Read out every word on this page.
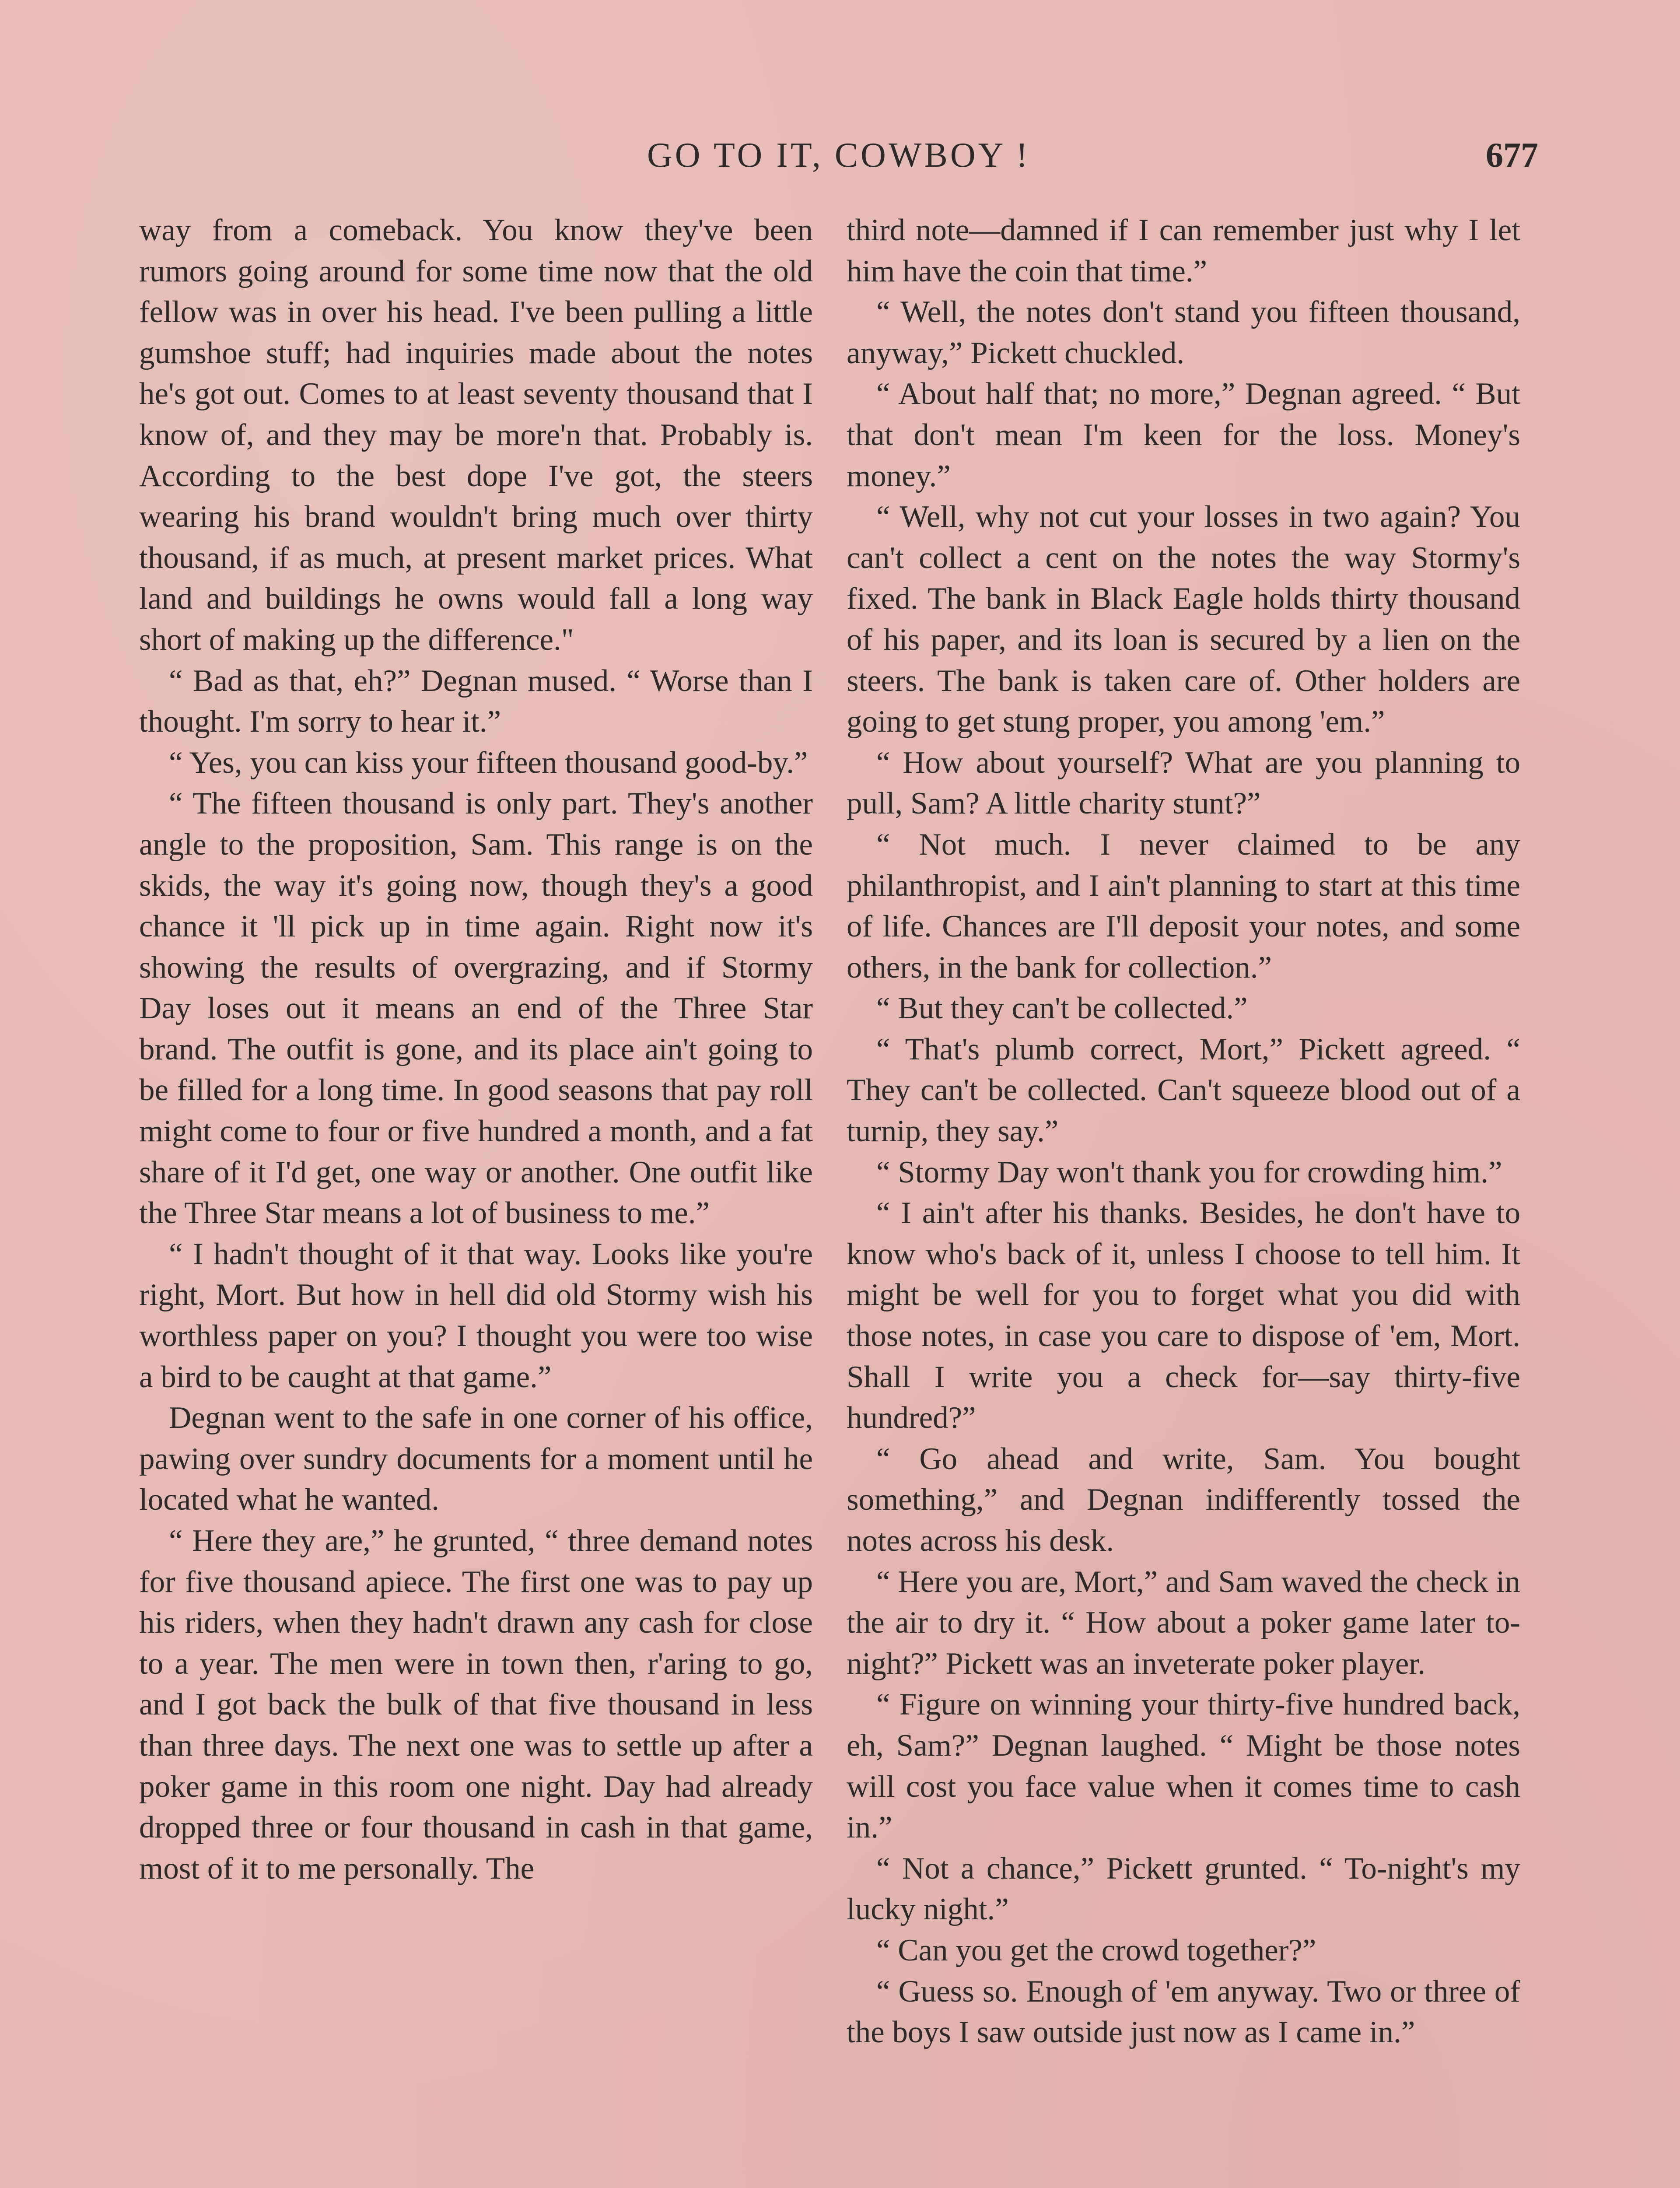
GO TO IT, COWBOY !	677

way from a comeback. You know they've been rumors going around for some time now that the old fellow was in over his head. I've been pulling a little gumshoe stuff; had inquiries made about the notes he's got out. Comes to at least seventy thousand that I know of, and they may be more'n that. Probably is. According to the best dope I've got, the steers wearing his brand wouldn't bring much over thirty thousand, if as much, at present market prices. What land and buildings he owns would fall a long way short of making up the difference."

“ Bad as that, eh?” Degnan mused. “ Worse than I thought. I'm sorry to hear it.”

“ Yes, you can kiss your fifteen thousand good-by.”

“ The fifteen thousand is only part. They's another angle to the proposition, Sam. This range is on the skids, the way it's going now, though they's a good chance it 'll pick up in time again. Right now it's showing the results of overgrazing, and if Stormy Day loses out it means an end of the Three Star brand. The outfit is gone, and its place ain't going to be filled for a long time. In good seasons that pay roll might come to four or five hundred a month, and a fat share of it I'd get, one way or another. One outfit like the Three Star means a lot of business to me.”

“ I hadn't thought of it that way. Looks like you're right, Mort. But how in hell did old Stormy wish his worthless paper on you? I thought you were too wise a bird to be caught at that game.”

Degnan went to the safe in one corner of his office, pawing over sundry documents for a moment until he located what he wanted.

“ Here they are,” he grunted, “ three demand notes for five thousand apiece. The first one was to pay up his riders, when they hadn't drawn any cash for close to a year. The men were in town then, r'aring to go, and I got back the bulk of that five thousand in less than three days. The next one was to settle up after a poker game in this room one night. Day had already dropped three or four thousand in cash in that game, most of it to me personally. The

third note—damned if I can remember just why I let him have the coin that time.”

“ Well, the notes don't stand you fifteen thousand, anyway,” Pickett chuckled.

“ About half that; no more,” Degnan agreed. “ But that don't mean I'm keen for the loss. Money's money.”

“ Well, why not cut your losses in two again? You can't collect a cent on the notes the way Stormy's fixed. The bank in Black Eagle holds thirty thousand of his paper, and its loan is secured by a lien on the steers. The bank is taken care of. Other holders are going to get stung proper, you among 'em.”

“ How about yourself? What are you planning to pull, Sam? A little charity stunt?”

“ Not much. I never claimed to be any philanthropist, and I ain't planning to start at this time of life. Chances are I'll deposit your notes, and some others, in the bank for collection.”

“ But they can't be collected.”

“ That's plumb correct, Mort,” Pickett agreed. “ They can't be collected. Can't squeeze blood out of a turnip, they say.”

“ Stormy Day won't thank you for crowding him.”

“ I ain't after his thanks. Besides, he don't have to know who's back of it, unless I choose to tell him. It might be well for you to forget what you did with those notes, in case you care to dispose of 'em, Mort. Shall I write you a check for—say thirty-five hundred?”

“ Go ahead and write, Sam. You bought something,” and Degnan indifferently tossed the notes across his desk.

“ Here you are, Mort,” and Sam waved the check in the air to dry it. “ How about a poker game later to-night?” Pickett was an inveterate poker player.

“ Figure on winning your thirty-five hundred back, eh, Sam?” Degnan laughed. “ Might be those notes will cost you face value when it comes time to cash in.”

“ Not a chance,” Pickett grunted. “ To-night's my lucky night.”

“ Can you get the crowd together?”

“ Guess so. Enough of 'em anyway. Two or three of the boys I saw outside just now as I came in.”
